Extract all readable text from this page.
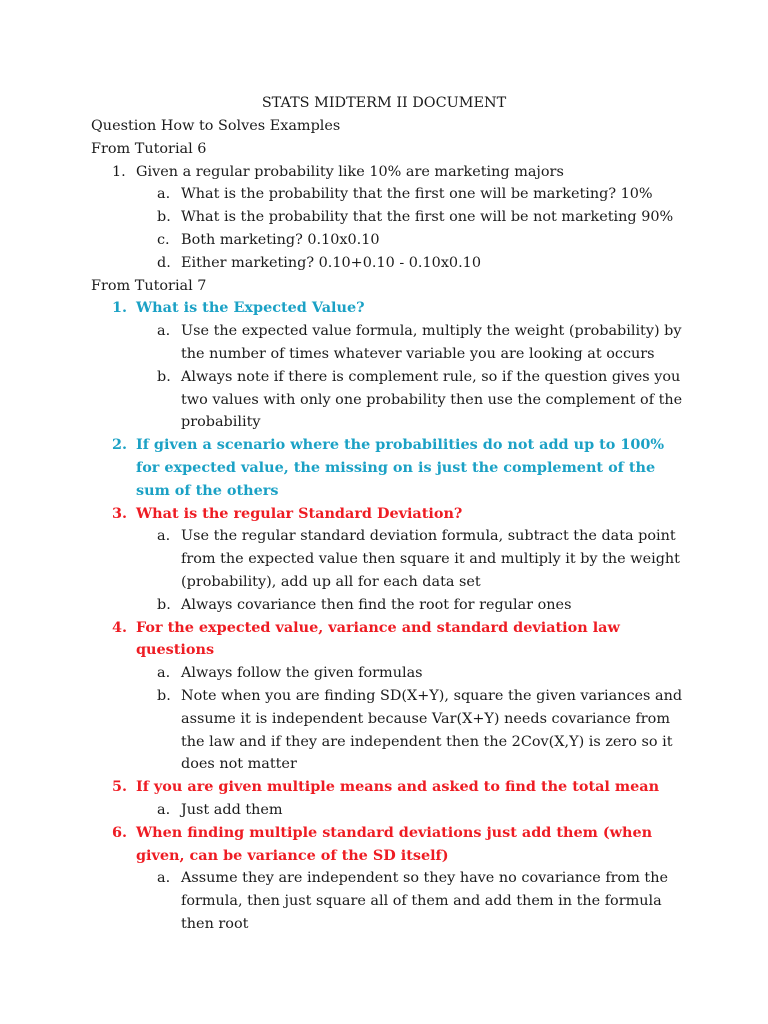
STATS MIDTERM II DOCUMENT
Question How to Solves Examples
From Tutorial 6
1. Given a regular probability like 10% are marketing majors
a. What is the probability that the first one will be marketing? 10%
b. What is the probability that the first one will be not marketing 90%
c. Both marketing? 0.10x0.10
d. Either marketing? 0.10+0.10 - 0.10x0.10
From Tutorial 7
1. What is the Expected Value?
a. Use the expected value formula, multiply the weight (probability) by the number of times whatever variable you are looking at occurs
b. Always note if there is complement rule, so if the question gives you two values with only one probability then use the complement of the probability
2. If given a scenario where the probabilities do not add up to 100% for expected value, the missing on is just the complement of the sum of the others
3. What is the regular Standard Deviation?
a. Use the regular standard deviation formula, subtract the data point from the expected value then square it and multiply it by the weight (probability), add up all for each data set
b. Always covariance then find the root for regular ones
4. For the expected value, variance and standard deviation law questions
a. Always follow the given formulas
b. Note when you are finding SD(X+Y), square the given variances and assume it is independent because Var(X+Y) needs covariance from the law and if they are independent then the 2Cov(X,Y) is zero so it does not matter
5. If you are given multiple means and asked to find the total mean
a. Just add them
6. When finding multiple standard deviations just add them (when given, can be variance of the SD itself)
a. Assume they are independent so they have no covariance from the formula, then just square all of them and add them in the formula then root
